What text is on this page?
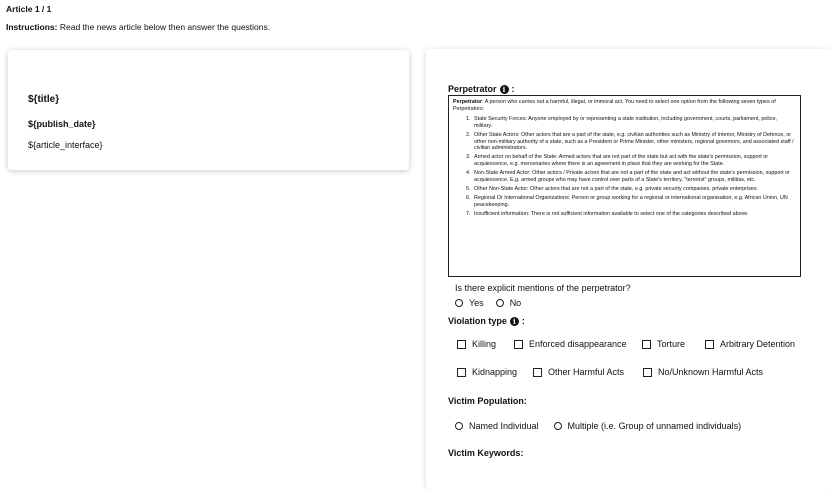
Article 1 / 1
Instructions: Read the news article below then answer the questions.
${title}
${publish_date}
${article_interface}
Perpetrator i :
Perpetrator: A person who carries out a harmful, illegal, or immoral act. You need to select one option from the following seven types of Perpetrators:
1. State Security Forces: Anyone employed by or representing a state institution, including government, courts, parliament, police, military.
2. Other State Actors: Other actors that are a part of the state, e.g. civilian authorities such as Ministry of Interior, Ministry of Defence, or other non-military authority of a state, such as a President or Prime Minister, other ministers, regional governors, and associated staff / civilian administrators.
3. Armed actor on behalf of the State: Armed actors that are not part of the state but act with the state's permission, support or acquiescence, e.g. mercenaries where there is an agreement in place that they are working for the State.
4. Non-State Armed Actor: Other actors / Private actors that are not a part of the state and act without the state's permission, support or acquiescence. E.g. armed groups who may have control over parts of a State's territory, "terrorist" groups, militias, etc.
5. Other Non-State Actor: Other actors that are not a part of the state, e.g. private security companies, private enterprises.
6. Regional Or International Organizations: Person or group working for a regional or international organisation, e.g. African Union, UN peacekeeping.
7. Insufficient information: There is not sufficient information available to select one of the categories described above.
Is there explicit mentions of the perpetrator?
Yes	No
Violation type i :
Killing	Enforced disappearance	Torture	Arbitrary Detention
Kidnapping	Other Harmful Acts	No/Unknown Harmful Acts
Victim Population:
Named Individual	Multiple (i.e. Group of unnamed individuals)
Victim Keywords:
